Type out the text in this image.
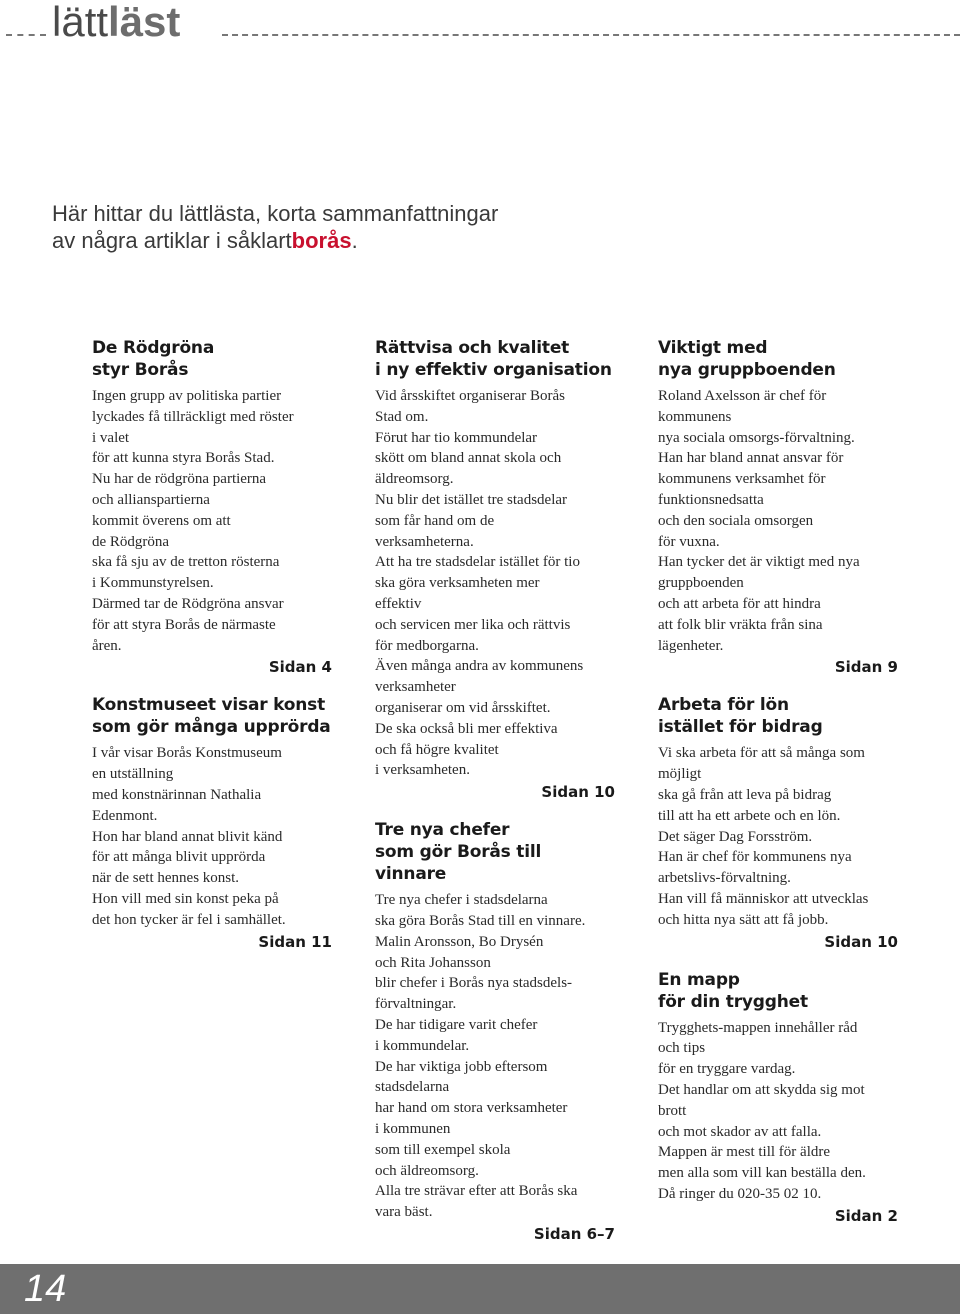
lättläst
Här hittar du lättlästa, korta sammanfattningar
av några artiklar i såklartborås.
De Rödgröna
styr Borås
Ingen grupp av politiska partier
lyckades få tillräckligt med röster
i valet
för att kunna styra Borås Stad.
Nu har de rödgröna partierna
och allianspartierna
kommit överens om att
de Rödgröna
ska få sju av de tretton rösterna
i Kommunstyrelsen.
Därmed tar de Rödgröna ansvar
för att styra Borås de närmaste
åren.
Sidan 4
Konstmuseet visar konst
som gör många upprörda
I vår visar Borås Konstmuseum
en utställning
med konstnärinnan Nathalia
Edenmont.
Hon har bland annat blivit känd
för att många blivit upprörda
när de sett hennes konst.
Hon vill med sin konst peka på
det hon tycker är fel i samhället.
Sidan 11
Rättvisa och kvalitet
i ny effektiv organisation
Vid årsskiftet organiserar Borås
Stad om.
Förut har tio kommundelar
skött om bland annat skola och
äldreomsorg.
Nu blir det istället tre stadsdelar
som får hand om de
verksamheterna.
Att ha tre stadsdelar istället för tio
ska göra verksamheten mer
effektiv
och servicen mer lika och rättvis
för medborgarna.
Även många andra av kommunens
verksamheter
organiserar om vid årsskiftet.
De ska också bli mer effektiva
och få högre kvalitet
i verksamheten.
Sidan 10
Tre nya chefer
som gör Borås till vinnare
Tre nya chefer i stadsdelarna
ska göra Borås Stad till en vinnare.
Malin Aronsson, Bo Drysén
och Rita Johansson
blir chefer i Borås nya stadsdels-
förvaltningar.
De har tidigare varit chefer
i kommundelar.
De har viktiga jobb eftersom
stadsdelarna
har hand om stora verksamheter
i kommunen
som till exempel skola
och äldreomsorg.
Alla tre strävar efter att Borås ska
vara bäst.
Sidan 6–7
Viktigt med
nya gruppboenden
Roland Axelsson är chef för
kommunens
nya sociala omsorgs-förvaltning.
Han har bland annat ansvar för
kommunens verksamhet för
funktionsnedsatta
och den sociala omsorgen
för vuxna.
Han tycker det är viktigt med nya
gruppboenden
och att arbeta för att hindra
att folk blir vräkta från sina
lägenheter.
Sidan 9
Arbeta för lön
istället för bidrag
Vi ska arbeta för att så många som
möjligt
ska gå från att leva på bidrag
till att ha ett arbete och en lön.
Det säger Dag Forsström.
Han är chef för kommunens nya
arbetslivs-förvaltning.
Han vill få människor att utvecklas
och hitta nya sätt att få jobb.
Sidan 10
En mapp
för din trygghet
Trygghets-mappen innehåller råd
och tips
för en tryggare vardag.
Det handlar om att skydda sig mot
brott
och mot skador av att falla.
Mappen är mest till för äldre
men alla som vill kan beställa den.
Då ringer du 020-35 02 10.
Sidan 2
14
